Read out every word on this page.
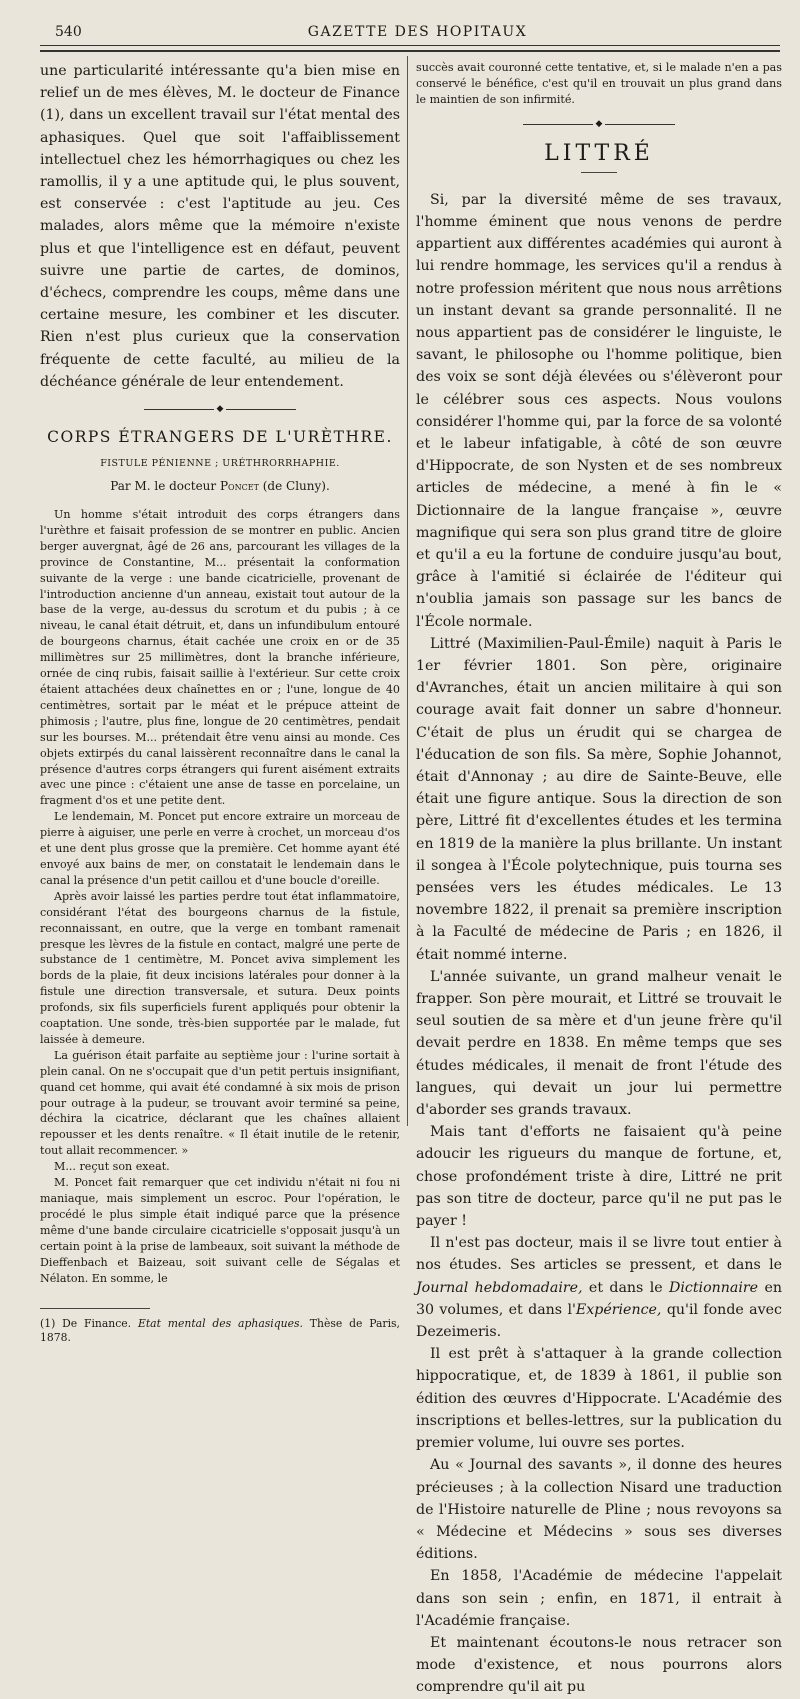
540	GAZETTE DES HOPITAUX

une particularité intéressante qu'a bien mise en relief un de mes élèves, M. le docteur de Finance (1), dans un excellent travail sur l'état mental des aphasiques. Quel que soit l'affaiblissement intellectuel chez les hémorrhagiques ou chez les ramollis, il y a une aptitude qui, le plus souvent, est conservée : c'est l'aptitude au jeu. Ces malades, alors même que la mémoire n'existe plus et que l'intelligence est en défaut, peuvent suivre une partie de cartes, de dominos, d'échecs, comprendre les coups, même dans une certaine mesure, les combiner et les discuter. Rien n'est plus curieux que la conservation fréquente de cette faculté, au milieu de la déchéance générale de leur entendement.

◆
CORPS ÉTRANGERS DE L'URÈTHRE.
FISTULE PÉNIENNE ; URÉTHRORRHAPHIE.
Par M. le docteur Poncet (de Cluny).

Un homme s'était introduit des corps étrangers dans l'urèthre et faisait profession de se montrer en public. Ancien berger auvergnat, âgé de 26 ans, parcourant les villages de la province de Constantine, M... présentait la conformation suivante de la verge : une bande cicatricielle, provenant de l'introduction ancienne d'un anneau, existait tout autour de la base de la verge, au-dessus du scrotum et du pubis ; à ce niveau, le canal était détruit, et, dans un infundibulum entouré de bourgeons charnus, était cachée une croix en or de 35 millimètres sur 25 millimètres, dont la branche inférieure, ornée de cinq rubis, faisait saillie à l'extérieur. Sur cette croix étaient attachées deux chaînettes en or ; l'une, longue de 40 centimètres, sortait par le méat et le prépuce atteint de phimosis ; l'autre, plus fine, longue de 20 centimètres, pendait sur les bourses. M... prétendait être venu ainsi au monde. Ces objets extirpés du canal laissèrent reconnaître dans le canal la présence d'autres corps étrangers qui furent aisément extraits avec une pince : c'étaient une anse de tasse en porcelaine, un fragment d'os et une petite dent.

Le lendemain, M. Poncet put encore extraire un morceau de pierre à aiguiser, une perle en verre à crochet, un morceau d'os et une dent plus grosse que la première. Cet homme ayant été envoyé aux bains de mer, on constatait le lendemain dans le canal la présence d'un petit caillou et d'une boucle d'oreille.

Après avoir laissé les parties perdre tout état inflammatoire, considérant l'état des bourgeons charnus de la fistule, reconnaissant, en outre, que la verge en tombant ramenait presque les lèvres de la fistule en contact, malgré une perte de substance de 1 centimètre, M. Poncet aviva simplement les bords de la plaie, fit deux incisions latérales pour donner à la fistule une direction transversale, et sutura. Deux points profonds, six fils superficiels furent appliqués pour obtenir la coaptation. Une sonde, très-bien supportée par le malade, fut laissée à demeure.

La guérison était parfaite au septième jour : l'urine sortait à plein canal. On ne s'occupait que d'un petit pertuis insignifiant, quand cet homme, qui avait été condamné à six mois de prison pour outrage à la pudeur, se trouvant avoir terminé sa peine, déchira la cicatrice, déclarant que les chaînes allaient repousser et les dents renaître. « Il était inutile de le retenir, tout allait recommencer. »

M... reçut son exeat.

M. Poncet fait remarquer que cet individu n'était ni fou ni maniaque, mais simplement un escroc. Pour l'opération, le procédé le plus simple était indiqué parce que la présence même d'une bande circulaire cicatricielle s'opposait jusqu'à un certain point à la prise de lambeaux, soit suivant la méthode de Dieffenbach et Baizeau, soit suivant celle de Ségalas et Nélaton. En somme, le

(1) De Finance. Etat mental des aphasiques. Thèse de Paris, 1878.

succès avait couronné cette tentative, et, si le malade n'en a pas conservé le bénéfice, c'est qu'il en trouvait un plus grand dans le maintien de son infirmité.

◆
LITTRÉ

Si, par la diversité même de ses travaux, l'homme éminent que nous venons de perdre appartient aux différentes académies qui auront à lui rendre hommage, les services qu'il a rendus à notre profession méritent que nous nous arrêtions un instant devant sa grande personnalité. Il ne nous appartient pas de considérer le linguiste, le savant, le philosophe ou l'homme politique, bien des voix se sont déjà élevées ou s'élèveront pour le célébrer sous ces aspects. Nous voulons considérer l'homme qui, par la force de sa volonté et le labeur infatigable, à côté de son œuvre d'Hippocrate, de son Nysten et de ses nombreux articles de médecine, a mené à fin le « Dictionnaire de la langue française », œuvre magnifique qui sera son plus grand titre de gloire et qu'il a eu la fortune de conduire jusqu'au bout, grâce à l'amitié si éclairée de l'éditeur qui n'oublia jamais son passage sur les bancs de l'École normale.

Littré (Maximilien-Paul-Émile) naquit à Paris le 1er février 1801. Son père, originaire d'Avranches, était un ancien militaire à qui son courage avait fait donner un sabre d'honneur. C'était de plus un érudit qui se chargea de l'éducation de son fils. Sa mère, Sophie Johannot, était d'Annonay ; au dire de Sainte-Beuve, elle était une figure antique. Sous la direction de son père, Littré fit d'excellentes études et les termina en 1819 de la manière la plus brillante. Un instant il songea à l'École polytechnique, puis tourna ses pensées vers les études médicales. Le 13 novembre 1822, il prenait sa première inscription à la Faculté de médecine de Paris ; en 1826, il était nommé interne.

L'année suivante, un grand malheur venait le frapper. Son père mourait, et Littré se trouvait le seul soutien de sa mère et d'un jeune frère qu'il devait perdre en 1838. En même temps que ses études médicales, il menait de front l'étude des langues, qui devait un jour lui permettre d'aborder ses grands travaux.

Mais tant d'efforts ne faisaient qu'à peine adoucir les rigueurs du manque de fortune, et, chose profondément triste à dire, Littré ne prit pas son titre de docteur, parce qu'il ne put pas le payer !

Il n'est pas docteur, mais il se livre tout entier à nos études. Ses articles se pressent, et dans le Journal hebdomadaire, et dans le Dictionnaire en 30 volumes, et dans l'Expérience, qu'il fonde avec Dezeimeris.

Il est prêt à s'attaquer à la grande collection hippocratique, et, de 1839 à 1861, il publie son édition des œuvres d'Hippocrate. L'Académie des inscriptions et belles-lettres, sur la publication du premier volume, lui ouvre ses portes.

Au « Journal des savants », il donne des heures précieuses ; à la collection Nisard une traduction de l'Histoire naturelle de Pline ; nous revoyons sa « Médecine et Médecins » sous ses diverses éditions.

En 1858, l'Académie de médecine l'appelait dans son sein ; enfin, en 1871, il entrait à l'Académie française.

Et maintenant écoutons-le nous retracer son mode d'existence, et nous pourrons alors comprendre qu'il ait pu
